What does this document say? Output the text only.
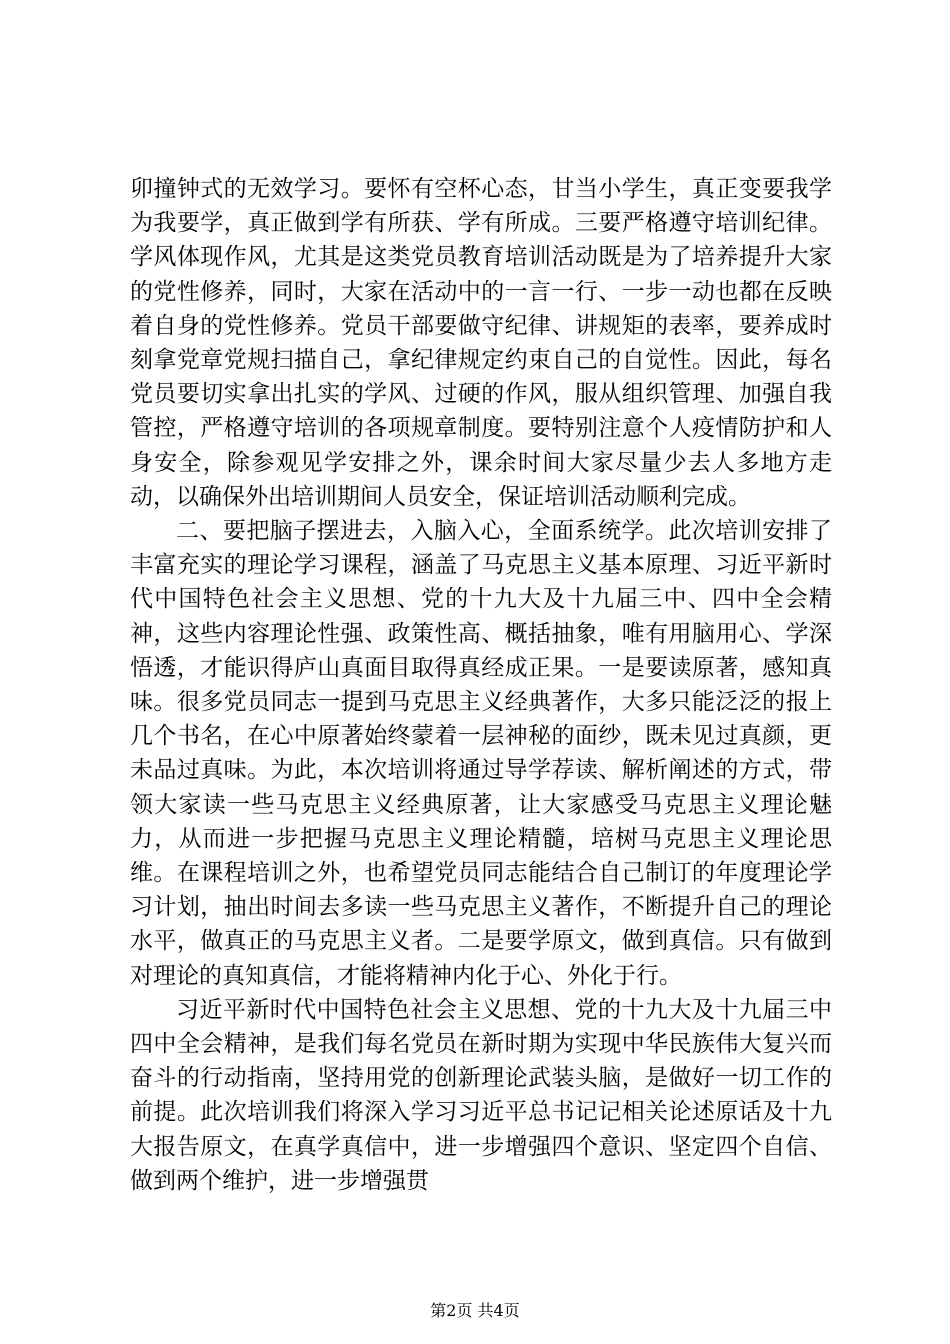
卯撞钟式的无效学习。要怀有空杯心态，甘当小学生，真正变要我学为我要学，真正做到学有所获、学有所成。三要严格遵守培训纪律。学风体现作风，尤其是这类党员教育培训活动既是为了培养提升大家的党性修养，同时，大家在活动中的一言一行、一步一动也都在反映着自身的党性修养。党员干部要做守纪律、讲规矩的表率，要养成时刻拿党章党规扫描自己，拿纪律规定约束自己的自觉性。因此，每名党员要切实拿出扎实的学风、过硬的作风，服从组织管理、加强自我管控，严格遵守培训的各项规章制度。要特别注意个人疫情防护和人身安全，除参观见学安排之外，课余时间大家尽量少去人多地方走动，以确保外出培训期间人员安全，保证培训活动顺利完成。

二、要把脑子摆进去，入脑入心，全面系统学。此次培训安排了丰富充实的理论学习课程，涵盖了马克思主义基本原理、习近平新时代中国特色社会主义思想、党的十九大及十九届三中、四中全会精神，这些内容理论性强、政策性高、概括抽象，唯有用脑用心、学深悟透，才能识得庐山真面目取得真经成正果。一是要读原著，感知真味。很多党员同志一提到马克思主义经典著作，大多只能泛泛的报上几个书名，在心中原著始终蒙着一层神秘的面纱，既未见过真颜，更未品过真味。为此，本次培训将通过导学荐读、解析阐述的方式，带领大家读一些马克思主义经典原著，让大家感受马克思主义理论魅力，从而进一步把握马克思主义理论精髓，培树马克思主义理论思维。在课程培训之外，也希望党员同志能结合自己制订的年度理论学习计划，抽出时间去多读一些马克思主义著作，不断提升自己的理论水平，做真正的马克思主义者。二是要学原文，做到真信。只有做到对理论的真知真信，才能将精神内化于心、外化于行。

习近平新时代中国特色社会主义思想、党的十九大及十九届三中四中全会精神，是我们每名党员在新时期为实现中华民族伟大复兴而奋斗的行动指南，坚持用党的创新理论武装头脑，是做好一切工作的前提。此次培训我们将深入学习习近平总书记记相关论述原话及十九大报告原文，在真学真信中，进一步增强四个意识、坚定四个自信、做到两个维护，进一步增强贯

第2页 共4页
